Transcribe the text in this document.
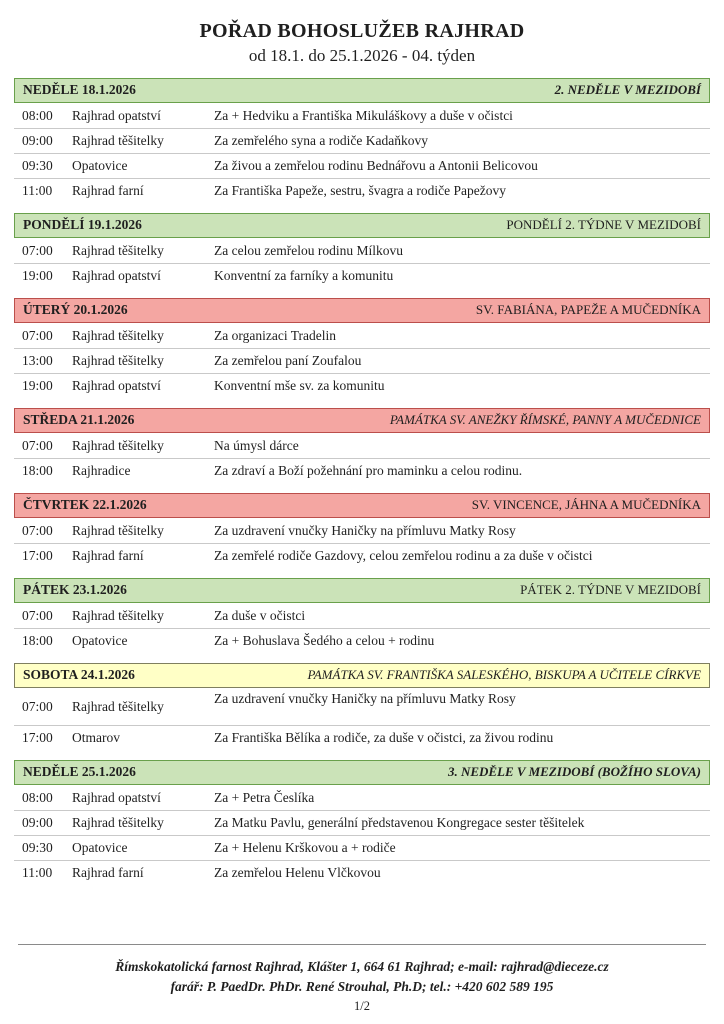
POŘAD BOHOSLUŽEB RAJHRAD
od 18.1. do 25.1.2026 - 04. týden
NEDĚLE 18.1.2026	2. NEDĚLE V MEZIDOBÍ
08:00	Rajhrad opatství	Za + Hedviku a Františka Mikuláškovy a duše v očistci
09:00	Rajhrad těšitelky	Za zemřelého syna a rodiče Kadaňkovy
09:30	Opatovice	Za živou a zemřelou rodinu Bednářovu a Antonii Belicovou
11:00	Rajhrad farní	Za Františka Papeže, sestru, švagra a rodiče Papežovy
PONDĚLÍ 19.1.2026	PONDĚLÍ 2. TÝDNE V MEZIDOBÍ
07:00	Rajhrad těšitelky	Za celou zemřelou rodinu Mílkovu
19:00	Rajhrad opatství	Konventní za farníky a komunitu
ÚTERÝ 20.1.2026	SV. FABIÁNA, PAPEŽE A MUČEDNÍKA
07:00	Rajhrad těšitelky	Za organizaci Tradelin
13:00	Rajhrad těšitelky	Za zemřelou paní Zoufalou
19:00	Rajhrad opatství	Konventní mše sv. za komunitu
STŘEDA 21.1.2026	PAMÁTKA SV. ANEŽKY ŘÍMSKÉ, PANNY A MUČEDNICE
07:00	Rajhrad těšitelky	Na úmysl dárce
18:00	Rajhradice	Za zdraví a Boží požehnání pro maminku a celou rodinu.
ČTVRTEK 22.1.2026	SV. VINCENCE, JÁHNA A MUČEDNÍKA
07:00	Rajhrad těšitelky	Za uzdravení vnučky Haničky na přímluvu Matky Rosy
17:00	Rajhrad farní	Za zemřelé rodiče Gazdovy, celou zemřelou rodinu a za duše v očistci
PÁTEK 23.1.2026	PÁTEK 2. TÝDNE V MEZIDOBÍ
07:00	Rajhrad těšitelky	Za duše v očistci
18:00	Opatovice	Za + Bohuslava Šedého a celou + rodinu
SOBOTA 24.1.2026	PAMÁTKA SV. FRANTIŠKA SALESKÉHO, BISKUPA A UČITELE CÍRKVE
07:00	Rajhrad těšitelky	Za uzdravení vnučky Haničky na přímluvu Matky Rosy
17:00	Otmarov	Za Františka Bělíka a rodiče, za duše v očistci, za živou rodinu
NEDĚLE 25.1.2026	3. NEDĚLE V MEZIDOBÍ (BOŽÍHO SLOVA)
08:00	Rajhrad opatství	Za + Petra Česlíka
09:00	Rajhrad těšitelky	Za Matku Pavlu, generální představenou Kongregace sester těšitelek
09:30	Opatovice	Za + Helenu Krškovou a + rodiče
11:00	Rajhrad farní	Za zemřelou Helenu Vlčkovou
Římskokatolická farnost Rajhrad, Klášter 1, 664 61 Rajhrad; e-mail: rajhrad@dieceze.cz
farář: P. PaedDr. PhDr. René Strouhal, Ph.D; tel.: +420 602 589 195
1/2
